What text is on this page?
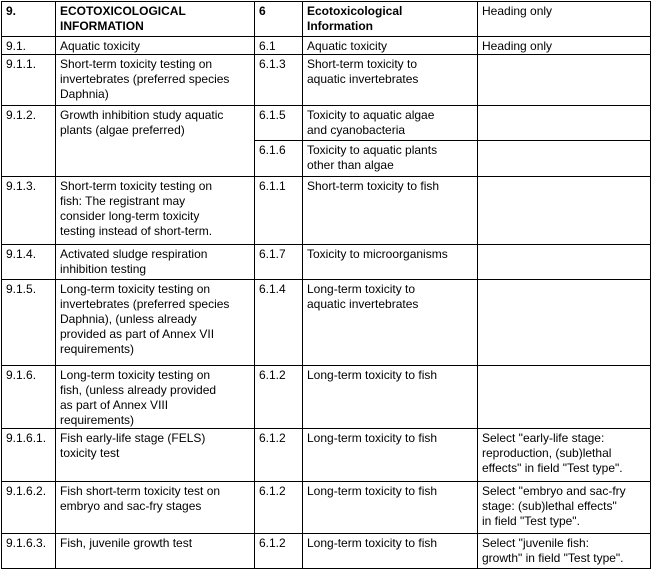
9.	ECOTOXICOLOGICAL
INFORMATION	6	Ecotoxicological
Information	Heading only
9.1.	Aquatic toxicity	6.1	Aquatic toxicity	Heading only
9.1.1.	Short-term toxicity testing on
invertebrates (preferred species
Daphnia)	6.1.3	Short-term toxicity to
aquatic invertebrates	
9.1.2.	Growth inhibition study aquatic
plants (algae preferred)	6.1.5	Toxicity to aquatic algae
and cyanobacteria	
		6.1.6	Toxicity to aquatic plants
other than algae	
9.1.3.	Short-term toxicity testing on
fish: The registrant may
consider long-term toxicity
testing instead of short-term.	6.1.1	Short-term toxicity to fish	
9.1.4.	Activated sludge respiration
inhibition testing	6.1.7	Toxicity to microorganisms	
9.1.5.	Long-term toxicity testing on
invertebrates (preferred species
Daphnia), (unless already
provided as part of Annex VII
requirements)	6.1.4	Long-term toxicity to
aquatic invertebrates	
9.1.6.	Long-term toxicity testing on
fish, (unless already provided
as part of Annex VIII
requirements)	6.1.2	Long-term toxicity to fish	
9.1.6.1.	Fish early-life stage (FELS)
toxicity test	6.1.2	Long-term toxicity to fish	Select "early-life stage:
reproduction, (sub)lethal
effects" in field "Test type".
9.1.6.2.	Fish short-term toxicity test on
embryo and sac-fry stages	6.1.2	Long-term toxicity to fish	Select "embryo and sac-fry
stage: (sub)lethal effects"
in field "Test type".
9.1.6.3.	Fish, juvenile growth test	6.1.2	Long-term toxicity to fish	Select "juvenile fish:
growth" in field "Test type".
